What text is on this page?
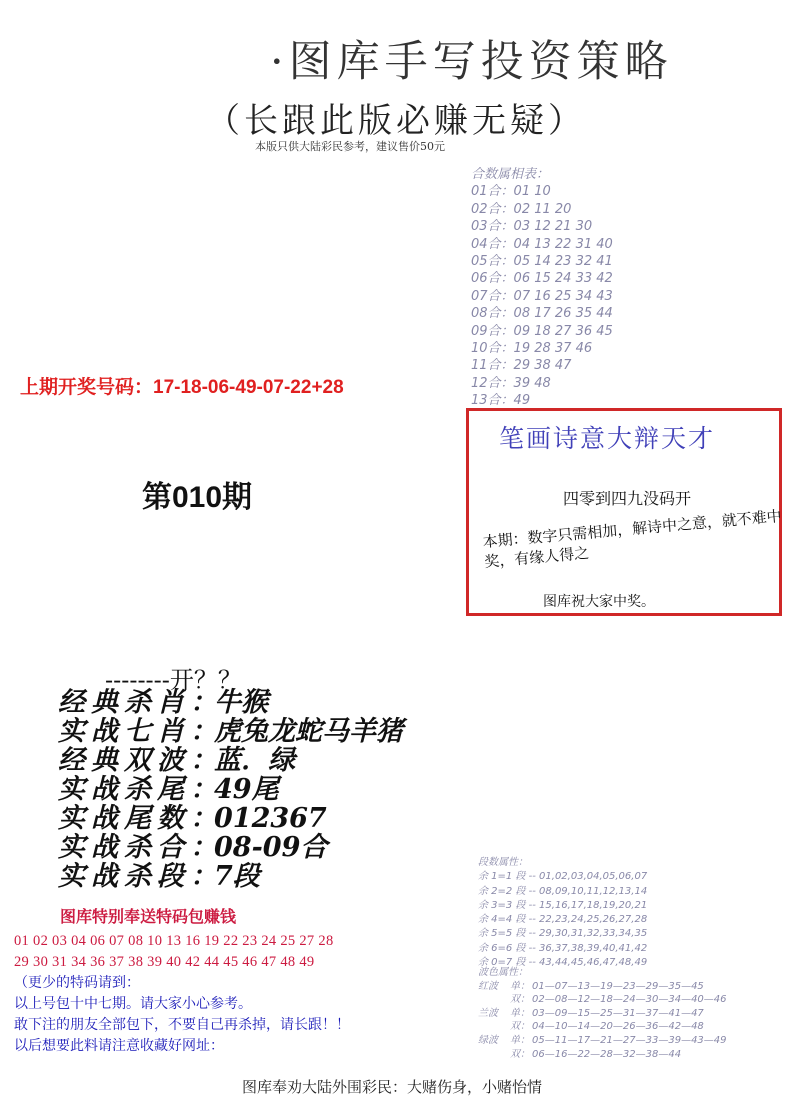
·图库手写投资策略
（长跟此版必赚无疑）
本版只供大陆彩民参考，建议售价50元
合数属相表：
01合：01 10
02合：02 11 20
03合：03 12 21 30
04合：04 13 22 31 40
05合：05 14 23 32 41
06合：06 15 24 33 42
07合：07 16 25 34 43
08合：08 17 26 35 44
09合：09 18 27 36 45
10合：19 28 37 46
11合：29 38 47
12合：39 48
13合：49
上期开奖号码：17-18-06-49-07-22+28
第010期
笔画诗意大辩天才
四零到四九没码开
本期：数字只需相加，解诗中之意，就不难中奖，有缘人得之
图库祝大家中奖。
--------开？？
经典杀肖：牛猴
实战七肖：虎兔龙蛇马羊猪
经典双波：蓝．绿
实战杀尾：49尾
实战尾数：012367
实战杀合：08-09合
实战杀段：7段
图库特别奉送特码包赚钱
01 02 03 04 06 07 08 10 13 16 19 22 23 24 25 27 28
29 30 31 34 36 37 38 39 40 42 44 45 46 47 48 49
（更少的特码请到：
以上号包十中七期。请大家小心参考。
敢下注的朋友全部包下，不要自己再杀掉，请长跟！！
以后想要此料请注意收藏好网址：
段数属性：
余 1=1 段 -- 01,02,03,04,05,06,07
余 2=2 段 -- 08,09,10,11,12,13,14
余 3=3 段 -- 15,16,17,18,19,20,21
余 4=4 段 -- 22,23,24,25,26,27,28
余 5=5 段 -- 29,30,31,32,33,34,35
余 6=6 段 -- 36,37,38,39,40,41,42
余 0=7 段 -- 43,44,45,46,47,48,49
波色属性：
红波 单： 01—07—13—19—23—29—35—45
双： 02—08—12—18—24—30—34—40—46
兰波 单： 03—09—15—25—31—37—41—47
双： 04—10—14—20—26—36—42—48
绿波 单： 05—11—17—21—27—33—39—43—49
双： 06—16—22—28—32—38—44
图库奉劝大陆外围彩民：大赌伤身，小赌怡情
